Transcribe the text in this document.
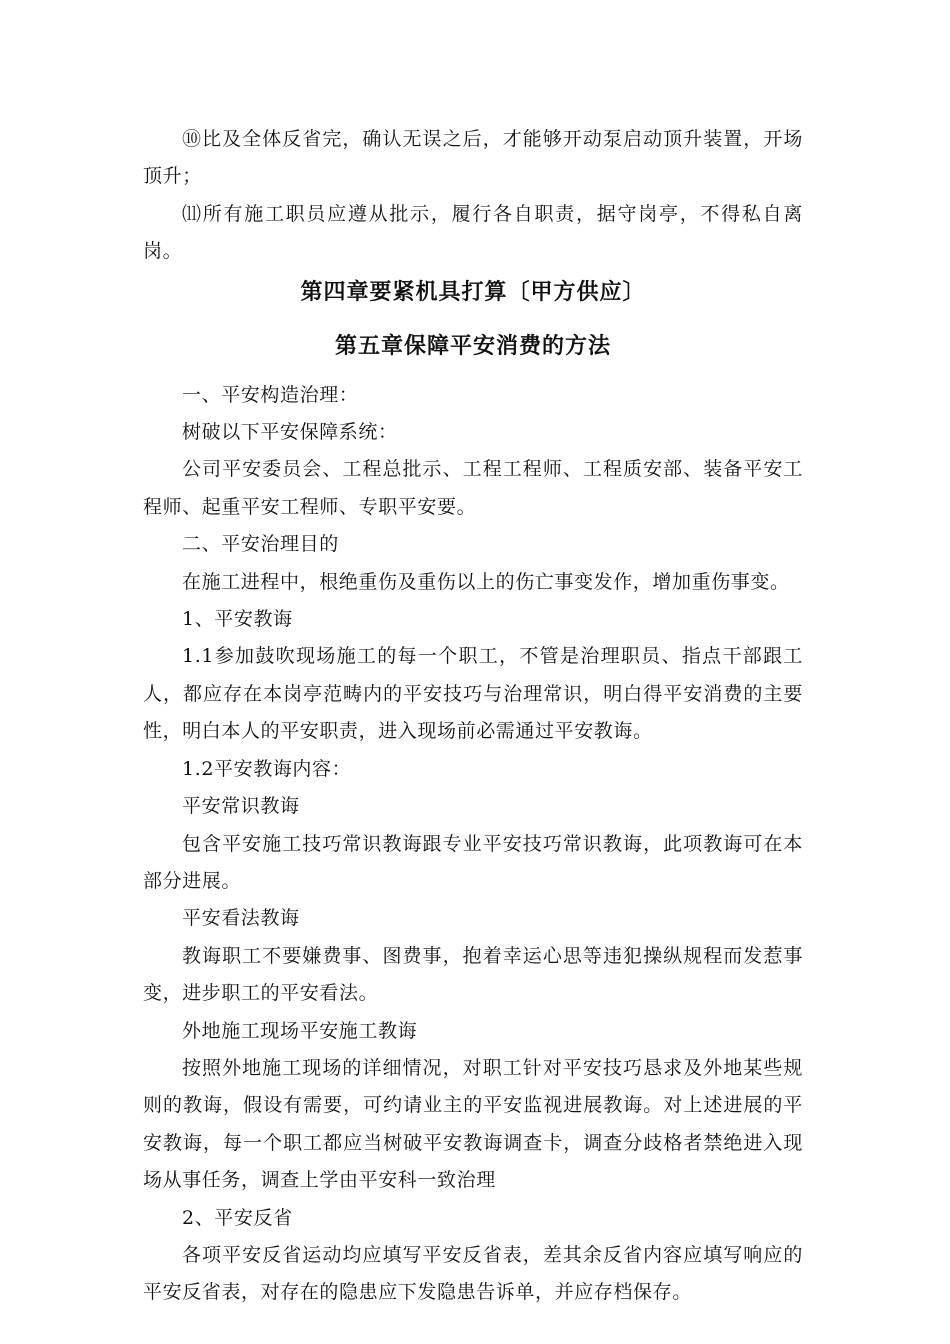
⑩比及全体反省完，确认无误之后，才能够开动泵启动顶升装置，开场顶升；

⑾所有施工职员应遵从批示，履行各自职责，据守岗亭，不得私自离岗。

第四章要紧机具打算〔甲方供应〕
第五章保障平安消费的方法

一、平安构造治理：

树破以下平安保障系统：

公司平安委员会、工程总批示、工程工程师、工程质安部、装备平安工程师、起重平安工程师、专职平安要。

二、平安治理目的

在施工进程中，根绝重伤及重伤以上的伤亡事变发作，增加重伤事变。

1、平安教诲

1.1参加鼓吹现场施工的每一个职工，不管是治理职员、指点干部跟工人，都应存在本岗亭范畴内的平安技巧与治理常识，明白得平安消费的主要性，明白本人的平安职责，进入现场前必需通过平安教诲。

1.2平安教诲内容：

平安常识教诲

包含平安施工技巧常识教诲跟专业平安技巧常识教诲，此项教诲可在本部分进展。

平安看法教诲

教诲职工不要嫌费事、图费事，抱着幸运心思等违犯操纵规程而发惹事变，进步职工的平安看法。

外地施工现场平安施工教诲

按照外地施工现场的详细情况，对职工针对平安技巧恳求及外地某些规则的教诲，假设有需要，可约请业主的平安监视进展教诲。对上述进展的平安教诲，每一个职工都应当树破平安教诲调查卡，调查分歧格者禁绝进入现场从事任务，调查上学由平安科一致治理

2、平安反省

各项平安反省运动均应填写平安反省表，差其余反省内容应填写响应的平安反省表，对存在的隐患应下发隐患告诉单，并应存档保存。
